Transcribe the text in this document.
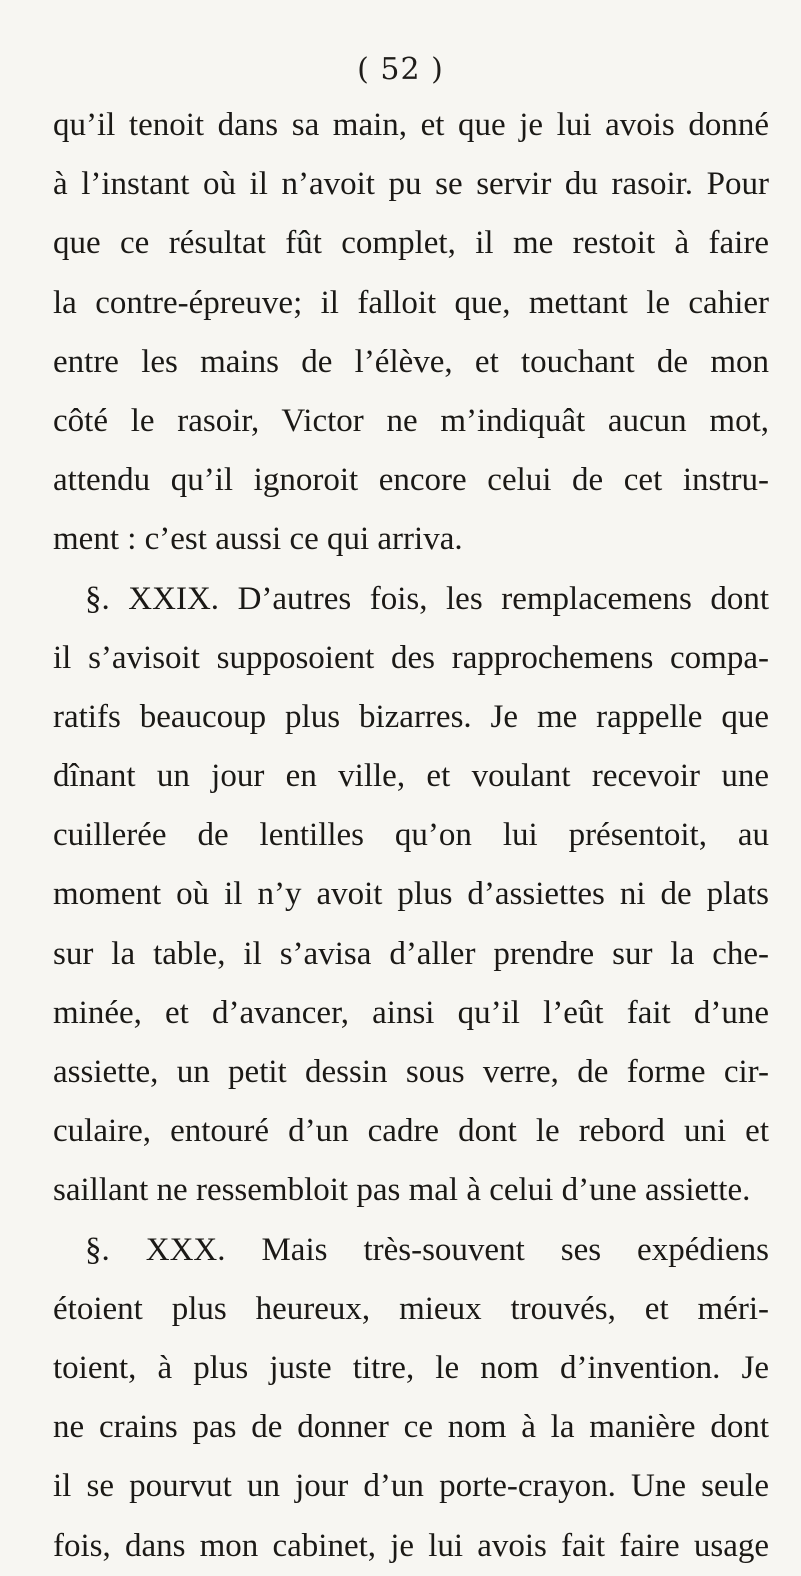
( 52 )
qu’il tenoit dans sa main, et que je lui avois donné
à l’instant où il n’avoit pu se servir du rasoir. Pour
que ce résultat fût complet, il me restoit à faire
la contre-épreuve; il falloit que, mettant le cahier
entre les mains de l’élève, et touchant de mon
côté le rasoir, Victor ne m’indiquât aucun mot,
attendu qu’il ignoroit encore celui de cet instru-
ment : c’est aussi ce qui arriva.
§. XXIX. D’autres fois, les remplacemens dont
il s’avisoit supposoient des rapprochemens compa-
ratifs beaucoup plus bizarres. Je me rappelle que
dînant un jour en ville, et voulant recevoir une
cuillerée de lentilles qu’on lui présentoit, au
moment où il n’y avoit plus d’assiettes ni de plats
sur la table, il s’avisa d’aller prendre sur la che-
minée, et d’avancer, ainsi qu’il l’eût fait d’une
assiette, un petit dessin sous verre, de forme cir-
culaire, entouré d’un cadre dont le rebord uni et
saillant ne ressembloit pas mal à celui d’une assiette.
§. XXX. Mais très-souvent ses expédiens
étoient plus heureux, mieux trouvés, et méri-
toient, à plus juste titre, le nom d’invention. Je
ne crains pas de donner ce nom à la manière dont
il se pourvut un jour d’un porte-crayon. Une seule
fois, dans mon cabinet, je lui avois fait faire usage
